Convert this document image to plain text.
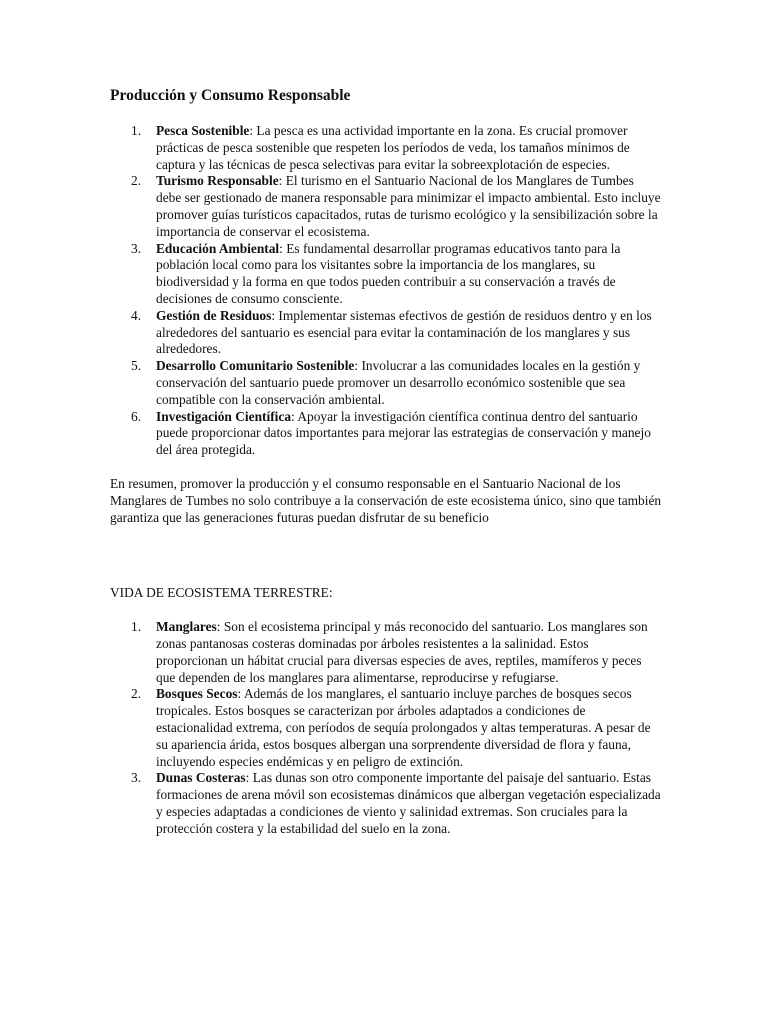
Producción y Consumo Responsable
1. Pesca Sostenible: La pesca es una actividad importante en la zona. Es crucial promover prácticas de pesca sostenible que respeten los períodos de veda, los tamaños mínimos de captura y las técnicas de pesca selectivas para evitar la sobreexplotación de especies.
2. Turismo Responsable: El turismo en el Santuario Nacional de los Manglares de Tumbes debe ser gestionado de manera responsable para minimizar el impacto ambiental. Esto incluye promover guías turísticos capacitados, rutas de turismo ecológico y la sensibilización sobre la importancia de conservar el ecosistema.
3. Educación Ambiental: Es fundamental desarrollar programas educativos tanto para la población local como para los visitantes sobre la importancia de los manglares, su biodiversidad y la forma en que todos pueden contribuir a su conservación a través de decisiones de consumo consciente.
4. Gestión de Residuos: Implementar sistemas efectivos de gestión de residuos dentro y en los alrededores del santuario es esencial para evitar la contaminación de los manglares y sus alrededores.
5. Desarrollo Comunitario Sostenible: Involucrar a las comunidades locales en la gestión y conservación del santuario puede promover un desarrollo económico sostenible que sea compatible con la conservación ambiental.
6. Investigación Científica: Apoyar la investigación científica continua dentro del santuario puede proporcionar datos importantes para mejorar las estrategias de conservación y manejo del área protegida.

En resumen, promover la producción y el consumo responsable en el Santuario Nacional de los Manglares de Tumbes no solo contribuye a la conservación de este ecosistema único, sino que también garantiza que las generaciones futuras puedan disfrutar de su beneficio

VIDA DE ECOSISTEMA TERRESTRE:

1. Manglares: Son el ecosistema principal y más reconocido del santuario. Los manglares son zonas pantanosas costeras dominadas por árboles resistentes a la salinidad. Estos proporcionan un hábitat crucial para diversas especies de aves, reptiles, mamíferos y peces que dependen de los manglares para alimentarse, reproducirse y refugiarse.
2. Bosques Secos: Además de los manglares, el santuario incluye parches de bosques secos tropicales. Estos bosques se caracterizan por árboles adaptados a condiciones de estacionalidad extrema, con períodos de sequía prolongados y altas temperaturas. A pesar de su apariencia árida, estos bosques albergan una sorprendente diversidad de flora y fauna, incluyendo especies endémicas y en peligro de extinción.
3. Dunas Costeras: Las dunas son otro componente importante del paisaje del santuario. Estas formaciones de arena móvil son ecosistemas dinámicos que albergan vegetación especializada y especies adaptadas a condiciones de viento y salinidad extremas. Son cruciales para la protección costera y la estabilidad del suelo en la zona.
